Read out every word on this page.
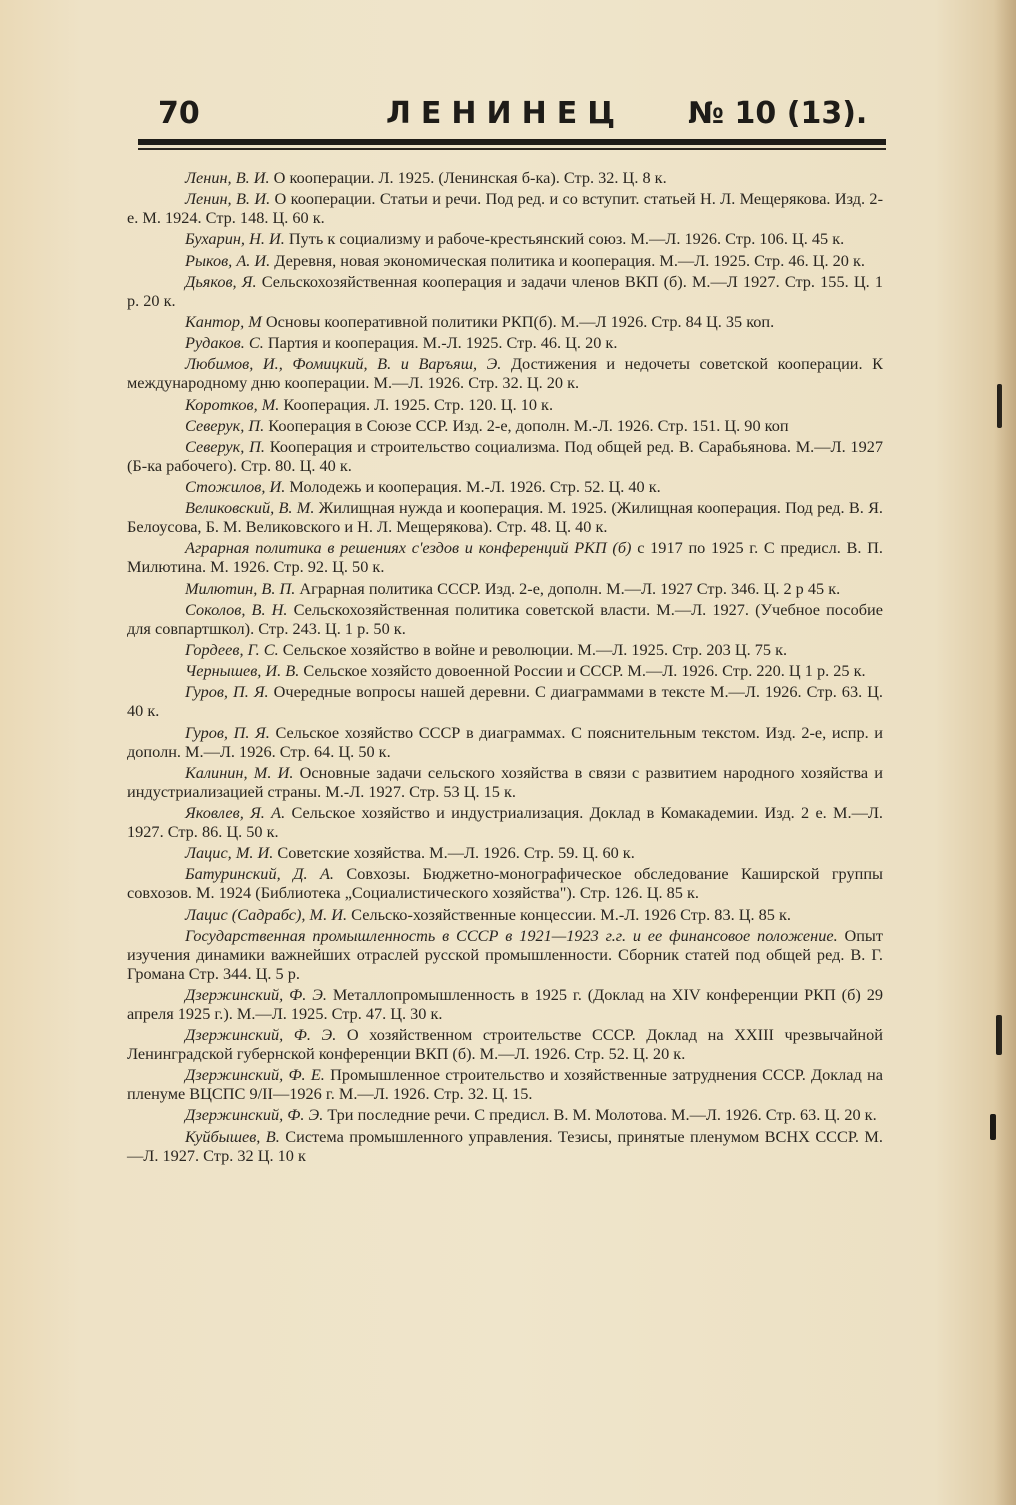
70	ЛЕНИНЕЦ № 10 (13).

Ленин, В. И. О кооперации. Л. 1925. (Ленинская б-ка). Стр. 32. Ц. 8 к.

Ленин, В. И. О кооперации. Статьи и речи. Под ред. и со вступит. статьей Н. Л. Мещерякова. Изд. 2-е. М. 1924. Стр. 148. Ц. 60 к.

Бухарин, Н. И. Путь к социализму и рабоче-крестьянский союз. М.—Л. 1926. Стр. 106. Ц. 45 к.

Рыков, А. И. Деревня, новая экономическая политика и кооперация. М.—Л. 1925. Стр. 46. Ц. 20 к.

Дьяков, Я. Сельскохозяйственная кооперация и задачи членов ВКП (б). М.—Л 1927. Стр. 155. Ц. 1 р. 20 к.

Кантор, М Основы кооперативной политики РКП(б). М.—Л 1926. Стр. 84 Ц. 35 коп.

Рудаков. С. Партия и кооперация. М.-Л. 1925. Стр. 46. Ц. 20 к.

Любимов, И., Фомицкий, В. и Варъяш, Э. Достижения и недочеты советской кооперации. К международному дню кооперации. М.—Л. 1926. Стр. 32. Ц. 20 к.

Коротков, М. Кооперация. Л. 1925. Стр. 120. Ц. 10 к.

Северук, П. Кооперация в Союзе ССР. Изд. 2-е, дополн. М.-Л. 1926. Стр. 151. Ц. 90 коп

Северук, П. Кооперация и строительство социализма. Под общей ред. В. Сарабьянова. М.—Л. 1927 (Б-ка рабочего). Стр. 80. Ц. 40 к.

Стожилов, И. Молодежь и кооперация. М.-Л. 1926. Стр. 52. Ц. 40 к.

Великовский, В. М. Жилищная нужда и кооперация. М. 1925. (Жилищная кооперация. Под ред. В. Я. Белоусова, Б. М. Великовского и Н. Л. Мещерякова). Стр. 48. Ц. 40 к.

Аграрная политика в решениях с'ездов и конференций РКП (б) с 1917 по 1925 г. С предисл. В. П. Милютина. М. 1926. Стр. 92. Ц. 50 к.

Милютин, В. П. Аграрная политика СССР. Изд. 2-е, дополн. М.—Л. 1927 Стр. 346. Ц. 2 р 45 к.

Соколов, В. Н. Сельскохозяйственная политика советской власти. М.—Л. 1927. (Учебное пособие для совпартшкол). Стр. 243. Ц. 1 р. 50 к.

Гордеев, Г. С. Сельское хозяйство в войне и революции. М.—Л. 1925. Стр. 203 Ц. 75 к.

Чернышев, И. В. Сельское хозяйсто довоенной России и СССР. М.—Л. 1926. Стр. 220. Ц 1 р. 25 к.

Гуров, П. Я. Очередные вопросы нашей деревни. С диаграммами в тексте М.—Л. 1926. Стр. 63. Ц. 40 к.

Гуров, П. Я. Сельское хозяйство СССР в диаграммах. С пояснительным текстом. Изд. 2-е, испр. и дополн. М.—Л. 1926. Стр. 64. Ц. 50 к.

Калинин, М. И. Основные задачи сельского хозяйства в связи с развитием народного хозяйства и индустриализацией страны. М.-Л. 1927. Стр. 53 Ц. 15 к.

Яковлев, Я. А. Сельское хозяйство и индустриализация. Доклад в Комакадемии. Изд. 2 е. М.—Л. 1927. Стр. 86. Ц. 50 к.

Лацис, М. И. Советские хозяйства. М.—Л. 1926. Стр. 59. Ц. 60 к.

Батуринский, Д. А. Совхозы. Бюджетно-монографическое обследование Каширской группы совхозов. М. 1924 (Библиотека „Социалистического хозяйства"). Стр. 126. Ц. 85 к.

Лацис (Садрабс), М. И. Сельско-хозяйственные концессии. М.-Л. 1926 Стр. 83. Ц. 85 к.

Государственная промышленность в СССР в 1921—1923 г.г. и ее финансовое положение. Опыт изучения динамики важнейших отраслей русской промышленности. Сборник статей под общей ред. В. Г. Громана Стр. 344. Ц. 5 р.

Дзержинский, Ф. Э. Металлопромышленность в 1925 г. (Доклад на XIV конференции РКП (б) 29 апреля 1925 г.). М.—Л. 1925. Стр. 47. Ц. 30 к.

Дзержинский, Ф. Э. О хозяйственном строительстве СССР. Доклад на XXIII чрезвычайной Ленинградской губернской конференции ВКП (б). М.—Л. 1926. Стр. 52. Ц. 20 к.

Дзержинский, Ф. Е. Промышленное строительство и хозяйственные затруднения СССР. Доклад на пленуме ВЦСПС 9/II—1926 г. М.—Л. 1926. Стр. 32. Ц. 15.

Дзержинский, Ф. Э. Три последние речи. С предисл. В. М. Молотова. М.—Л. 1926. Стр. 63. Ц. 20 к.

Куйбышев, В. Система промышленного управления. Тезисы, принятые пленумом ВСНХ СССР. М.—Л. 1927. Стр. 32 Ц. 10 к
